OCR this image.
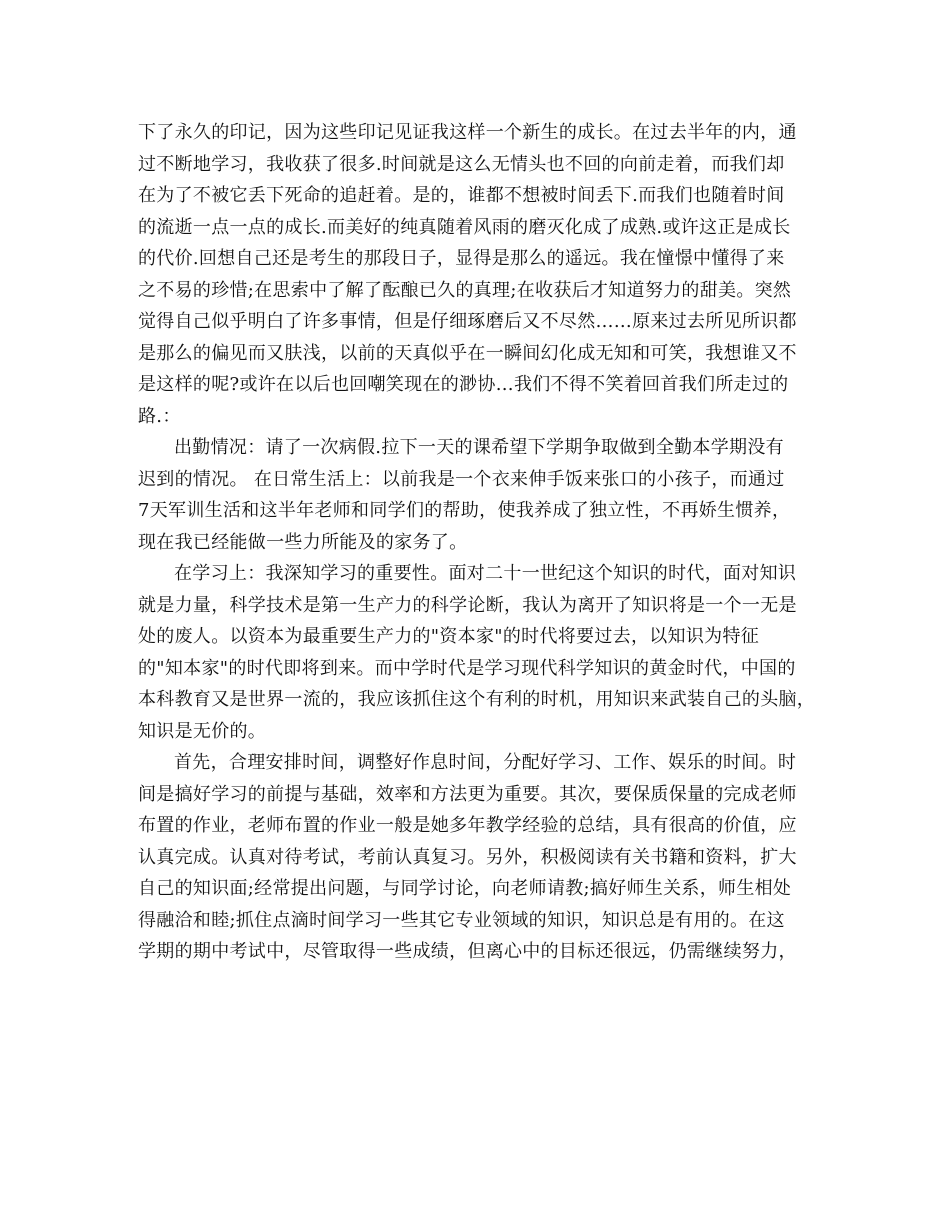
下了永久的印记，因为这些印记见证我这样一个新生的成长。在过去半年的内，通
过不断地学习，我收获了很多.时间就是这么无情头也不回的向前走着，而我们却
在为了不被它丢下死命的追赶着。是的，谁都不想被时间丢下.而我们也随着时间
的流逝一点一点的成长.而美好的纯真随着风雨的磨灭化成了成熟.或许这正是成长
的代价.回想自己还是考生的那段日子，显得是那么的遥远。我在憧憬中懂得了来
之不易的珍惜;在思索中了解了酝酿已久的真理;在收获后才知道努力的甜美。突然
觉得自己似乎明白了许多事情，但是仔细琢磨后又不尽然……原来过去所见所识都
是那么的偏见而又肤浅，以前的天真似乎在一瞬间幻化成无知和可笑，我想谁又不
是这样的呢?或许在以后也回嘲笑现在的渺协…我们不得不笑着回首我们所走过的
路.：
出勤情况：请了一次病假.拉下一天的课希望下学期争取做到全勤本学期没有
迟到的情况。 在日常生活上：以前我是一个衣来伸手饭来张口的小孩子，而通过
7天军训生活和这半年老师和同学们的帮助，使我养成了独立性，不再娇生惯养，
现在我已经能做一些力所能及的家务了。
在学习上：我深知学习的重要性。面对二十一世纪这个知识的时代，面对知识
就是力量，科学技术是第一生产力的科学论断，我认为离开了知识将是一个一无是
处的废人。以资本为最重要生产力的"资本家"的时代将要过去，以知识为特征
的"知本家"的时代即将到来。而中学时代是学习现代科学知识的黄金时代，中国的
本科教育又是世界一流的，我应该抓住这个有利的时机，用知识来武装自己的头脑，
知识是无价的。
首先，合理安排时间，调整好作息时间，分配好学习、工作、娱乐的时间。时
间是搞好学习的前提与基础，效率和方法更为重要。其次，要保质保量的完成老师
布置的作业，老师布置的作业一般是她多年教学经验的总结，具有很高的价值，应
认真完成。认真对待考试，考前认真复习。另外，积极阅读有关书籍和资料，扩大
自己的知识面;经常提出问题，与同学讨论，向老师请教;搞好师生关系，师生相处
得融洽和睦;抓住点滴时间学习一些其它专业领域的知识，知识总是有用的。在这
学期的期中考试中，尽管取得一些成绩，但离心中的目标还很远，仍需继续努力，
